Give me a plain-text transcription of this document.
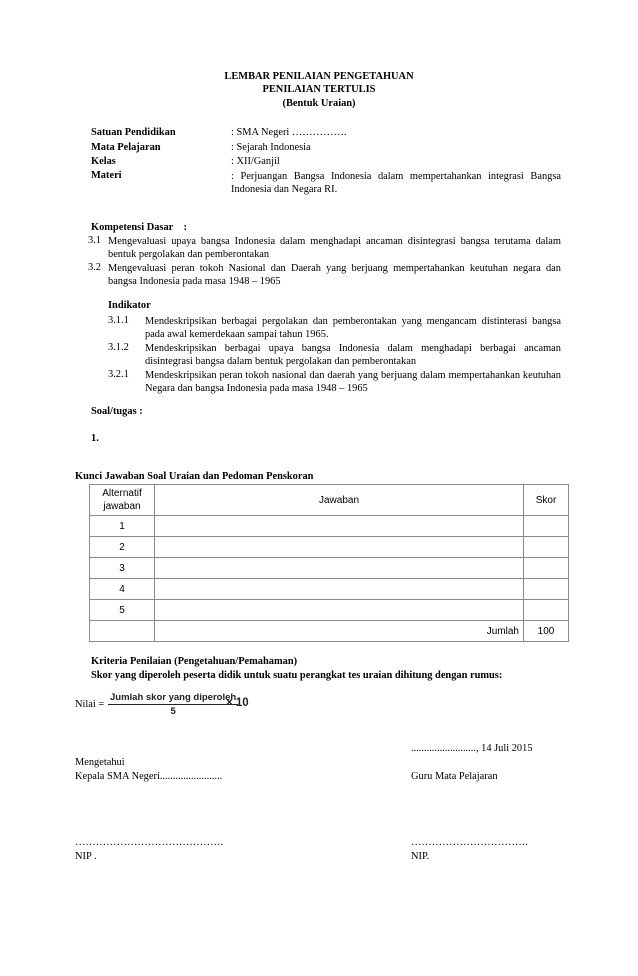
LEMBAR PENILAIAN PENGETAHUAN
PENILAIAN TERTULIS
(Bentuk Uraian)
Satuan Pendidikan	: SMA Negeri …………….
Mata Pelajaran	: Sejarah Indonesia
Kelas	: XII/Ganjil
Materi	: Perjuangan Bangsa Indonesia dalam mempertahankan integrasi Bangsa Indonesia dan Negara RI.
Kompetensi Dasar    :
3.1 Mengevaluasi upaya bangsa Indonesia dalam menghadapi ancaman disintegrasi bangsa terutama dalam bentuk pergolakan dan pemberontakan
3.2 Mengevaluasi peran tokoh Nasional dan Daerah yang berjuang mempertahankan keutuhan negara dan bangsa Indonesia pada masa 1948 – 1965
Indikator
3.1.1 Mendeskripsikan berbagai pergolakan dan pemberontakan yang mengancam distinterasi bangsa pada awal kemerdekaan sampai tahun 1965.
3.1.2 Mendeskripsikan berbagai upaya bangsa Indonesia dalam menghadapi berbagai ancaman disintegrasi bangsa dalam bentuk pergolakan dan pemberontakan
3.2.1 Mendeskripsikan peran tokoh nasional dan daerah yang berjuang dalam mempertahankan keutuhan Negara dan bangsa Indonesia pada masa 1948 – 1965
Soal/tugas :
1.
Kunci Jawaban Soal Uraian dan Pedoman Penskoran
Alternatif jawaban	Jawaban	Skor
1		
2		
3		
4		
5		
	Jumlah	100
Kriteria Penilaian (Pengetahuan/Pemahaman)
Skor yang diperoleh peserta didik untuk suatu perangkat tes uraian dihitung dengan rumus:
Nilai =
Jumlah skor yang diperoleh
5
× 10
........................., 14 Juli 2015
Mengetahui
Kepala SMA Negeri........................	Guru Mata Pelajaran
…………………………………….	…………………………….
NIP .	NIP.
